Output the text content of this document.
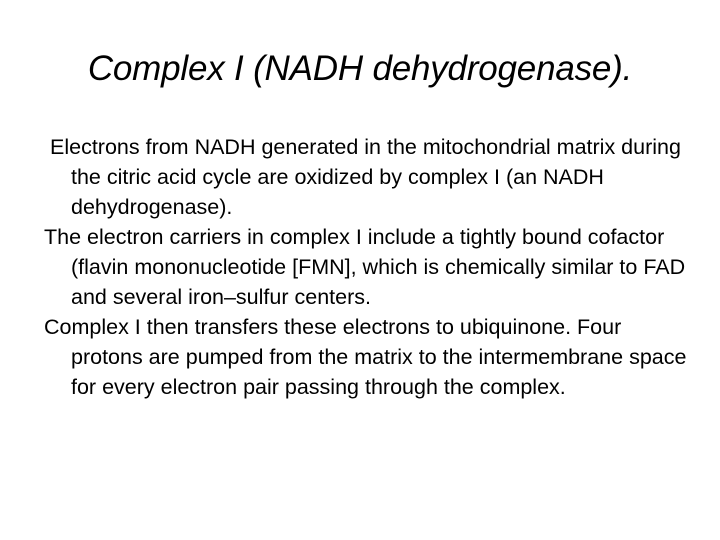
Complex I (NADH dehydrogenase).

Electrons from NADH generated in the mitochondrial matrix during the citric acid cycle are oxidized by complex I (an NADH dehydrogenase).

The electron carriers in complex I include a tightly bound cofactor (flavin mononucleotide [FMN], which is chemically similar to FAD and several iron–sulfur centers.

Complex I then transfers these electrons to ubiquinone. Four protons are pumped from the matrix to the intermembrane space for every electron pair passing through the complex.
